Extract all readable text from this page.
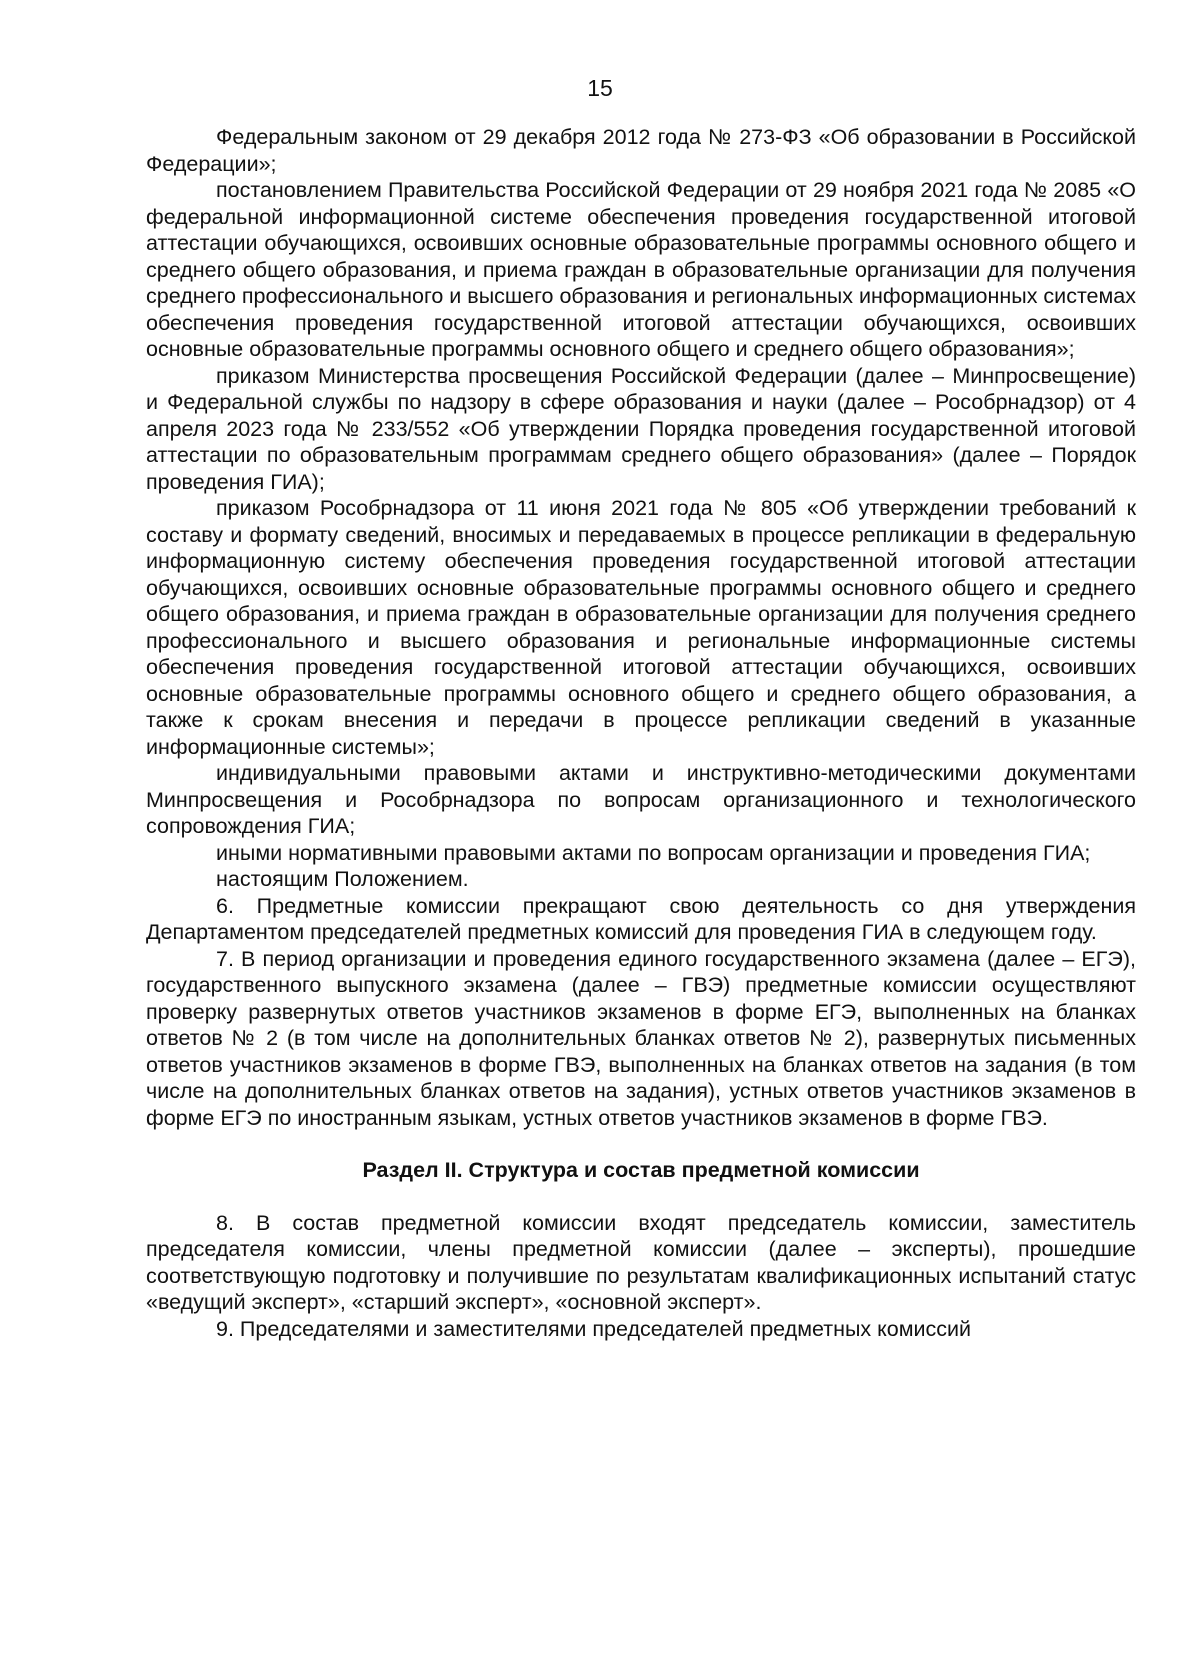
15

Федеральным законом от 29 декабря 2012 года № 273-ФЗ «Об образовании в Российской Федерации»;

постановлением Правительства Российской Федерации от 29 ноября 2021 года № 2085 «О федеральной информационной системе обеспечения проведения государственной итоговой аттестации обучающихся, освоивших основные образовательные программы основного общего и среднего общего образования, и приема граждан в образовательные организации для получения среднего профессионального и высшего образования и региональных информационных системах обеспечения проведения государственной итоговой аттестации обучающихся, освоивших основные образовательные программы основного общего и среднего общего образования»;

приказом Министерства просвещения Российской Федерации (далее – Минпросвещение) и Федеральной службы по надзору в сфере образования и науки (далее – Рособрнадзор) от 4 апреля 2023 года № 233/552 «Об утверждении Порядка проведения государственной итоговой аттестации по образовательным программам среднего общего образования» (далее – Порядок проведения ГИА);

приказом Рособрнадзора от 11 июня 2021 года № 805 «Об утверждении требований к составу и формату сведений, вносимых и передаваемых в процессе репликации в федеральную информационную систему обеспечения проведения государственной итоговой аттестации обучающихся, освоивших основные образовательные программы основного общего и среднего общего образования, и приема граждан в образовательные организации для получения среднего профессионального и высшего образования и региональные информационные системы обеспечения проведения государственной итоговой аттестации обучающихся, освоивших основные образовательные программы основного общего и среднего общего образования, а также к срокам внесения и передачи в процессе репликации сведений в указанные информационные системы»;

индивидуальными правовыми актами и инструктивно-методическими документами Минпросвещения и Рособрнадзора по вопросам организационного и технологического сопровождения ГИА;

иными нормативными правовыми актами по вопросам организации и проведения ГИА;

настоящим Положением.

6. Предметные комиссии прекращают свою деятельность со дня утверждения Департаментом председателей предметных комиссий для проведения ГИА в следующем году.

7. В период организации и проведения единого государственного экзамена (далее – ЕГЭ), государственного выпускного экзамена (далее – ГВЭ) предметные комиссии осуществляют проверку развернутых ответов участников экзаменов в форме ЕГЭ, выполненных на бланках ответов № 2 (в том числе на дополнительных бланках ответов № 2), развернутых письменных ответов участников экзаменов в форме ГВЭ, выполненных на бланках ответов на задания (в том числе на дополнительных бланках ответов на задания), устных ответов участников экзаменов в форме ЕГЭ по иностранным языкам, устных ответов участников экзаменов в форме ГВЭ.

Раздел II. Структура и состав предметной комиссии

8. В состав предметной комиссии входят председатель комиссии, заместитель председателя комиссии, члены предметной комиссии (далее – эксперты), прошедшие соответствующую подготовку и получившие по результатам квалификационных испытаний статус «ведущий эксперт», «старший эксперт», «основной эксперт».

9. Председателями и заместителями председателей предметных комиссий
